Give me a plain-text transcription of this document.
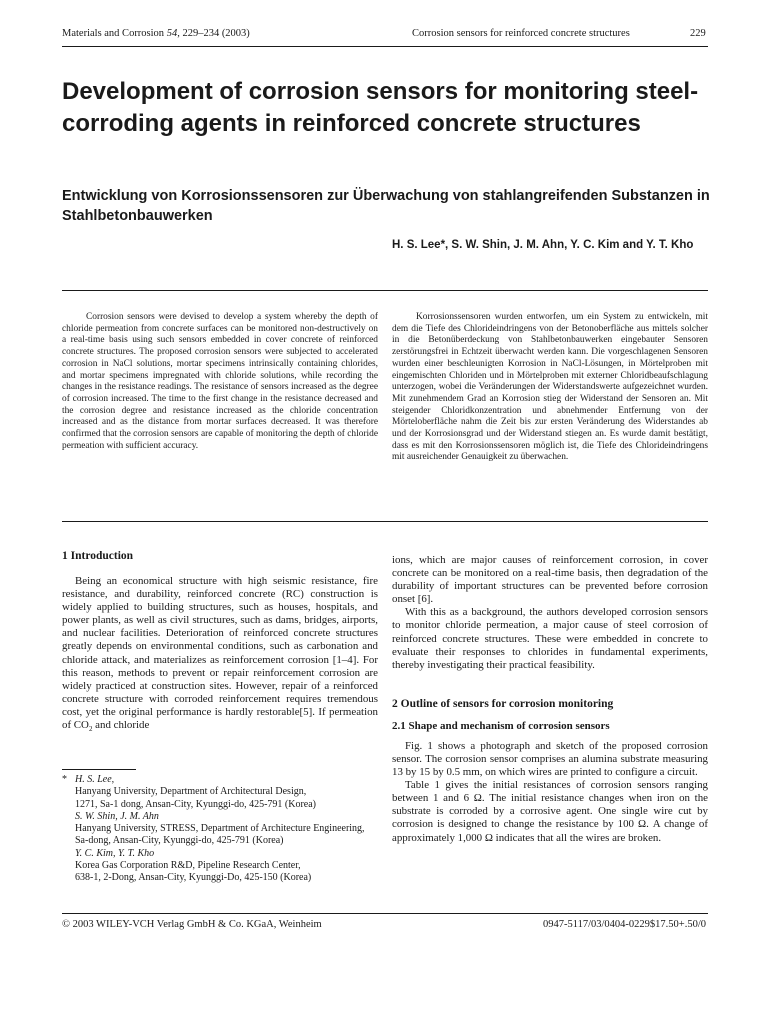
Materials and Corrosion 54, 229–234 (2003)	Corrosion sensors for reinforced concrete structures	229
Development of corrosion sensors for monitoring steel-corroding agents in reinforced concrete structures
Entwicklung von Korrosionssensoren zur Überwachung von stahlangreifenden Substanzen in Stahlbetonbauwerken

H. S. Lee*, S. W. Shin, J. M. Ahn, Y. C. Kim and Y. T. Kho

Corrosion sensors were devised to develop a system whereby the depth of chloride permeation from concrete surfaces can be monitored non-destructively on a real-time basis using such sensors embedded in cover concrete of reinforced concrete structures. The proposed corrosion sensors were subjected to accelerated corrosion in NaCl solutions, mortar specimens intrinsically containing chlorides, and mortar specimens impregnated with chloride solutions, while recording the changes in the resistance readings. The resistance of sensors increased as the degree of corrosion increased. The time to the first change in the resistance decreased and the corrosion degree and resistance increased as the chloride concentration increased and as the distance from mortar surfaces decreased. It was therefore confirmed that the corrosion sensors are capable of monitoring the depth of chloride permeation with sufficient accuracy.

Korrosionssensoren wurden entworfen, um ein System zu entwickeln, mit dem die Tiefe des Chlorideindringens von der Betonoberfläche aus mittels solcher in die Betonüberdeckung von Stahlbetonbauwerken eingebauter Sensoren zerstörungsfrei in Echtzeit überwacht werden kann. Die vorgeschlagenen Sensoren wurden einer beschleunigten Korrosion in NaCl-Lösungen, in Mörtelproben mit eingemischten Chloriden und in Mörtelproben mit externer Chloridbeaufschlagung unterzogen, wobei die Veränderungen der Widerstandswerte aufgezeichnet wurden. Mit zunehmendem Grad an Korrosion stieg der Widerstand der Sensoren an. Mit steigender Chloridkonzentration und abnehmender Entfernung von der Mörteloberfläche nahm die Zeit bis zur ersten Veränderung des Widerstandes ab und der Korrosionsgrad und der Widerstand stiegen an. Es wurde damit bestätigt, dass es mit den Korrosionssensoren möglich ist, die Tiefe des Chlorideindringens mit ausreichender Genauigkeit zu überwachen.

1 Introduction

Being an economical structure with high seismic resistance, fire resistance, and durability, reinforced concrete (RC) construction is widely applied to building structures, such as houses, hospitals, and power plants, as well as civil structures, such as dams, bridges, airports, and nuclear facilities. Deterioration of reinforced concrete structures greatly depends on environmental conditions, such as carbonation and chloride attack, and materializes as reinforcement corrosion [1–4]. For this reason, methods to prevent or repair reinforcement corrosion are widely practiced at construction sites. However, repair of a reinforced concrete structure with corroded reinforcement requires tremendous cost, yet the original performance is hardly restorable[5]. If permeation of $CO_2$ and chloride

* H. S. Lee,

Hanyang University, Department of Architectural Design,

1271, Sa-1 dong, Ansan-City, Kyunggi-do, 425-791 (Korea)

S. W. Shin, J. M. Ahn

Hanyang University, STRESS, Department of Architecture Engineering,

Sa-dong, Ansan-City, Kyunggi-do, 425-791 (Korea)

Y. C. Kim, Y. T. Kho

Korea Gas Corporation R&D, Pipeline Research Center,

638-1, 2-Dong, Ansan-City, Kyunggi-Do, 425-150 (Korea)

ions, which are major causes of reinforcement corrosion, in cover concrete can be monitored on a real-time basis, then degradation of the durability of important structures can be prevented before corrosion onset [6].

With this as a background, the authors developed corrosion sensors to monitor chloride permeation, a major cause of steel corrosion of reinforced concrete structures. These were embedded in concrete to evaluate their responses to chlorides in fundamental experiments, thereby investigating their practical feasibility.

2 Outline of sensors for corrosion monitoring

2.1 Shape and mechanism of corrosion sensors

Fig. 1 shows a photograph and sketch of the proposed corrosion sensor. The corrosion sensor comprises an alumina substrate measuring 13 by 15 by 0.5 mm, on which wires are printed to configure a circuit.

Table 1 gives the initial resistances of corrosion sensors ranging between 1 and 6 Ω. The initial resistance changes when iron on the substrate is corroded by a corrosive agent. One single wire cut by corrosion is designed to change the resistance by 100 Ω. A change of approximately 1,000 Ω indicates that all the wires are broken.

© 2003 WILEY-VCH Verlag GmbH & Co. KGaA, Weinheim	0947-5117/03/0404-0229$17.50+.50/0
